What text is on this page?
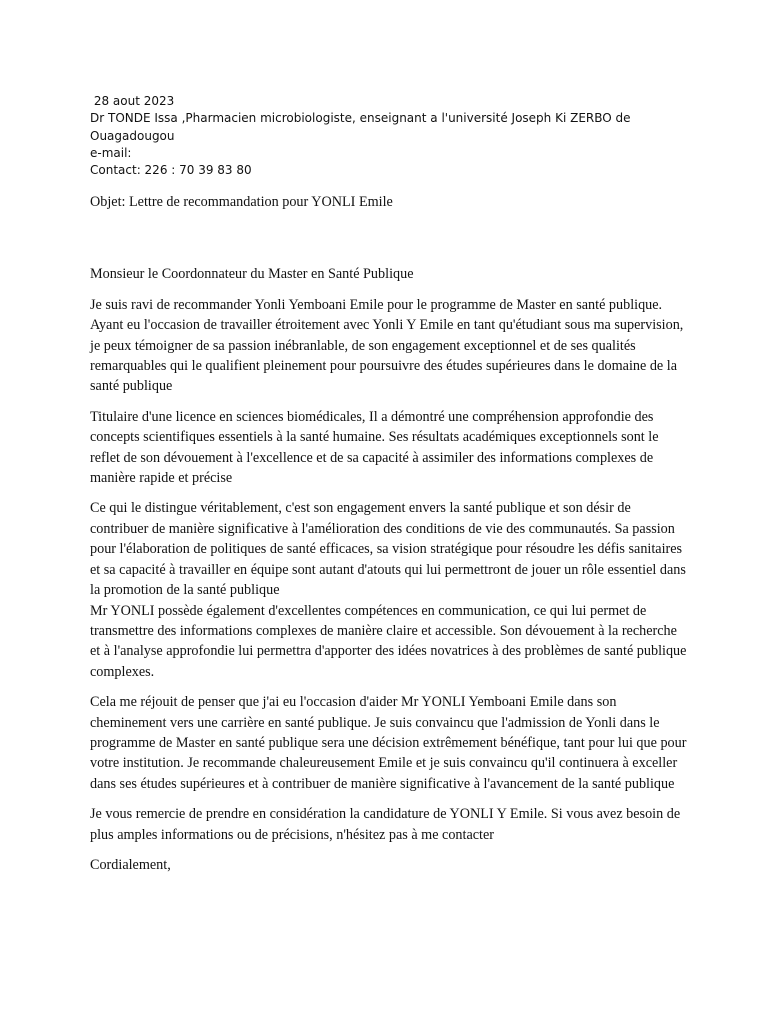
28 aout 2023
Dr TONDE Issa ,Pharmacien microbiologiste, enseignant a l'université Joseph Ki ZERBO de Ouagadougou
e-mail:
Contact: 226 : 70 39 83 80

Objet: Lettre de recommandation pour YONLI Emile

Monsieur le Coordonnateur du Master en Santé Publique

Je suis ravi de recommander Yonli Yemboani Emile pour le programme de Master en santé publique. Ayant eu l'occasion de travailler étroitement avec Yonli Y Emile en tant qu'étudiant sous ma supervision, je peux témoigner de sa passion inébranlable, de son engagement exceptionnel et de ses qualités remarquables qui le qualifient pleinement pour poursuivre des études supérieures dans le domaine de la santé publique

Titulaire d'une licence en sciences biomédicales, Il a démontré une compréhension approfondie des concepts scientifiques essentiels à la santé humaine. Ses résultats académiques exceptionnels sont le reflet de son dévouement à l'excellence et de sa capacité à assimiler des informations complexes de manière rapide et précise

Ce qui le distingue véritablement, c'est son engagement envers la santé publique et son désir de contribuer de manière significative à l'amélioration des conditions de vie des communautés. Sa passion pour l'élaboration de politiques de santé efficaces, sa vision stratégique pour résoudre les défis sanitaires et sa capacité à travailler en équipe sont autant d'atouts qui lui permettront de jouer un rôle essentiel dans la promotion de la santé publique

Mr YONLI possède également d'excellentes compétences en communication, ce qui lui permet de transmettre des informations complexes de manière claire et accessible. Son dévouement à la recherche et à l'analyse approfondie lui permettra d'apporter des idées novatrices à des problèmes de santé publique complexes.

Cela me réjouit de penser que j'ai eu l'occasion d'aider Mr YONLI Yemboani Emile dans son cheminement vers une carrière en santé publique. Je suis convaincu que l'admission de Yonli dans le programme de Master en santé publique sera une décision extrêmement bénéfique, tant pour lui que pour votre institution. Je recommande chaleureusement Emile et je suis convaincu qu'il continuera à exceller dans ses études supérieures et à contribuer de manière significative à l'avancement de la santé publique

Je vous remercie de prendre en considération la candidature de YONLI Y Emile. Si vous avez besoin de plus amples informations ou de précisions, n'hésitez pas à me contacter

Cordialement,
